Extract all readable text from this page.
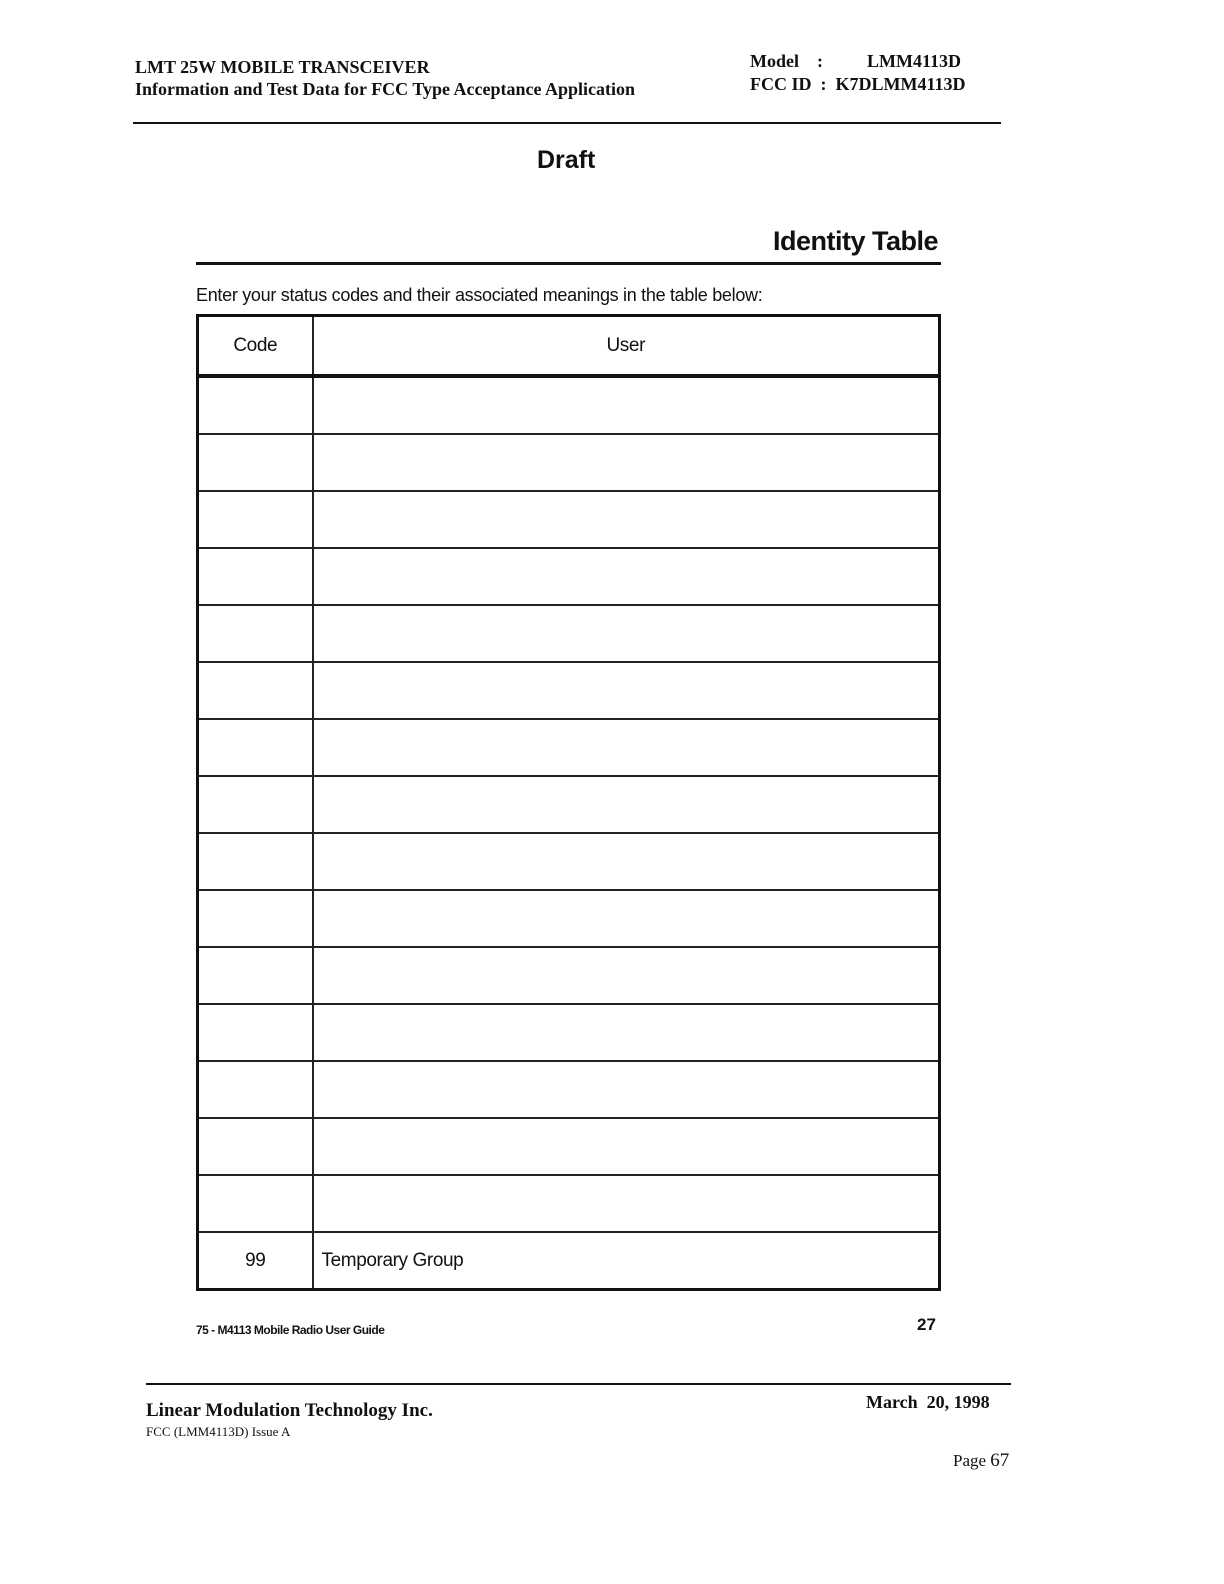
LMT 25W MOBILE TRANSCEIVER
Information and Test Data for FCC Type Acceptance Application
Model : LMM4113D
FCC ID  :  K7DLMM4113D
Draft
Identity Table
Enter your status codes and their associated meanings in the table below:
Code	User

99	Temporary Group
75 - M4113 Mobile Radio User Guide	27
Linear Modulation Technology Inc.
FCC (LMM4113D) Issue A
March  20, 1998
Page 67
